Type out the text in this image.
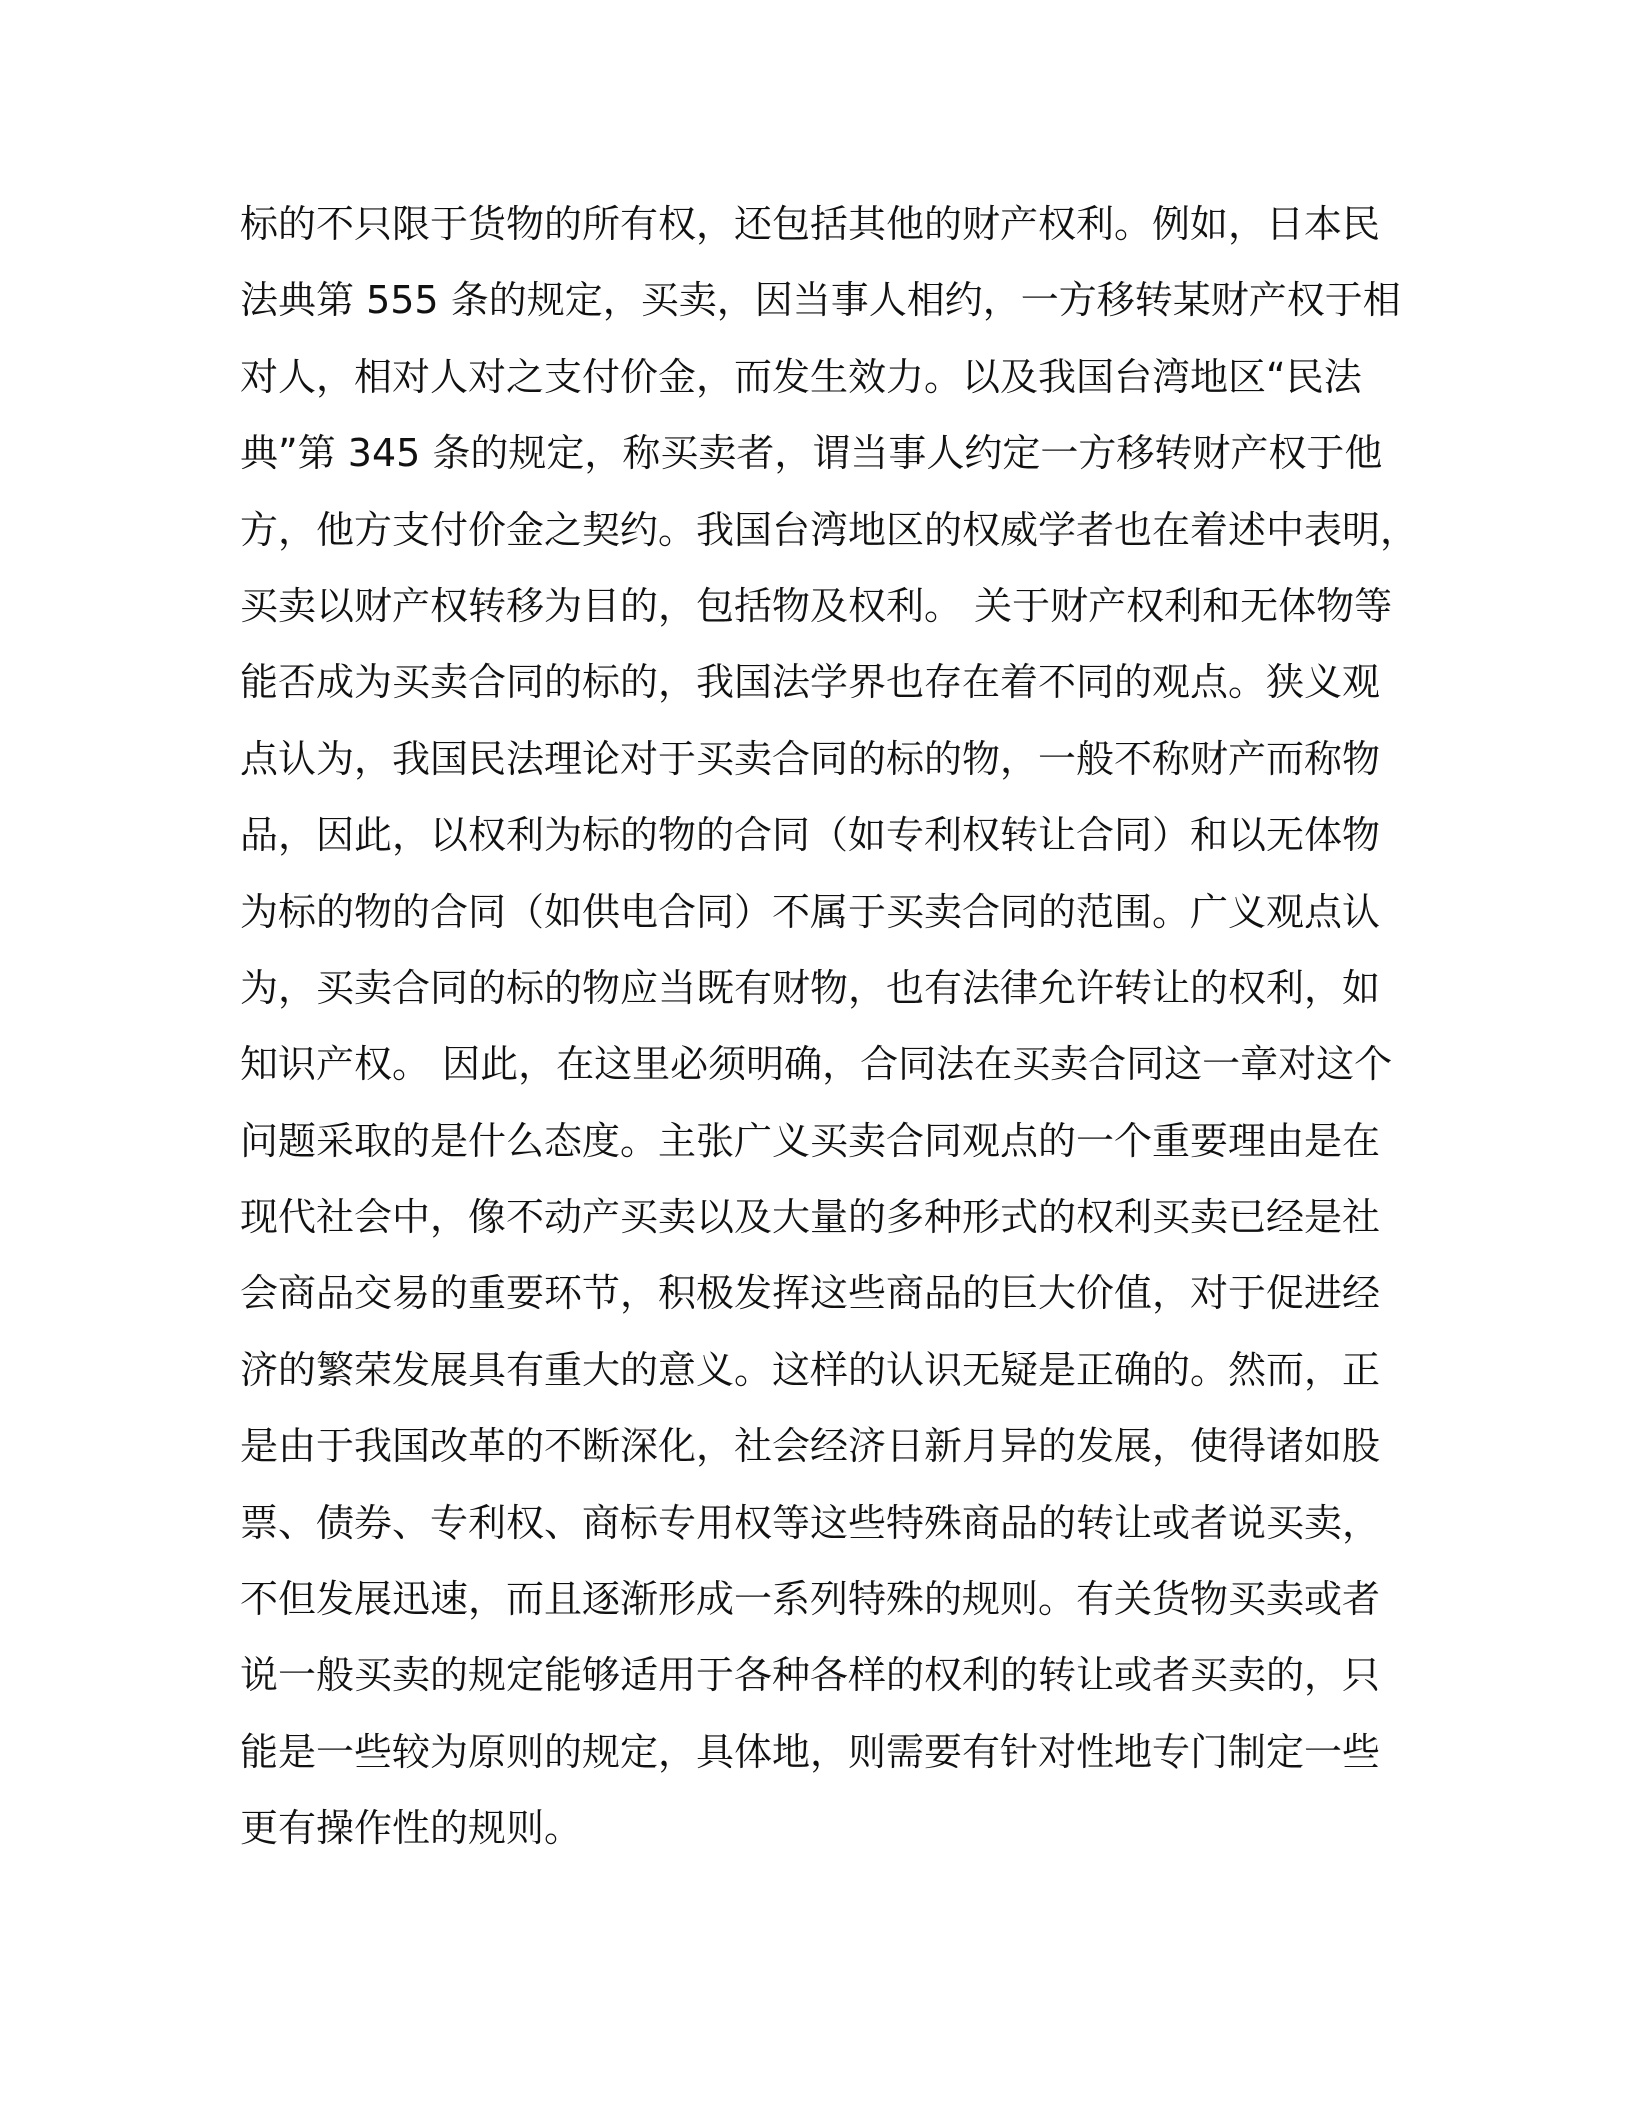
标的不只限于货物的所有权，还包括其他的财产权利。例如，日本民
法典第 555 条的规定，买卖，因当事人相约，一方移转某财产权于相
对人，相对人对之支付价金，而发生效力。以及我国台湾地区“民法
典”第 345 条的规定，称买卖者，谓当事人约定一方移转财产权于他
方，他方支付价金之契约。我国台湾地区的权威学者也在着述中表明，
买卖以财产权转移为目的，包括物及权利。 关于财产权利和无体物等
能否成为买卖合同的标的，我国法学界也存在着不同的观点。狭义观
点认为，我国民法理论对于买卖合同的标的物，一般不称财产而称物
品，因此，以权利为标的物的合同（如专利权转让合同）和以无体物
为标的物的合同（如供电合同）不属于买卖合同的范围。广义观点认
为，买卖合同的标的物应当既有财物，也有法律允许转让的权利，如
知识产权。 因此，在这里必须明确，合同法在买卖合同这一章对这个
问题采取的是什么态度。主张广义买卖合同观点的一个重要理由是在
现代社会中，像不动产买卖以及大量的多种形式的权利买卖已经是社
会商品交易的重要环节，积极发挥这些商品的巨大价值，对于促进经
济的繁荣发展具有重大的意义。这样的认识无疑是正确的。然而，正
是由于我国改革的不断深化，社会经济日新月异的发展，使得诸如股
票、债券、专利权、商标专用权等这些特殊商品的转让或者说买卖，
不但发展迅速，而且逐渐形成一系列特殊的规则。有关货物买卖或者
说一般买卖的规定能够适用于各种各样的权利的转让或者买卖的，只
能是一些较为原则的规定，具体地，则需要有针对性地专门制定一些
更有操作性的规则。
